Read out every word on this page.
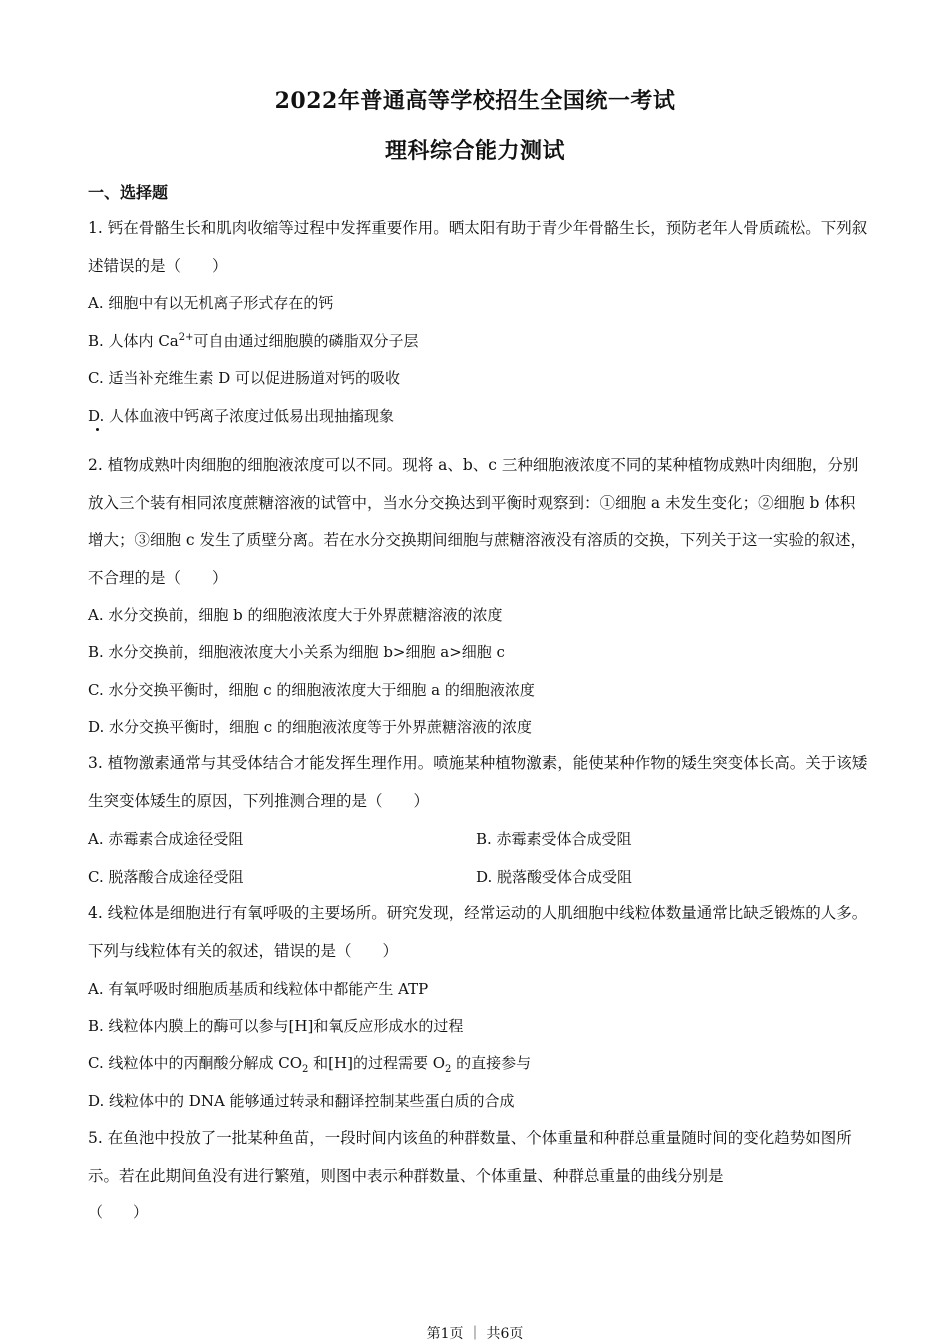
2022年普通高等学校招生全国统一考试
理科综合能力测试
一、选择题
1. 钙在骨骼生长和肌肉收缩等过程中发挥重要作用。晒太阳有助于青少年骨骼生长，预防老年人骨质疏松。下列叙述错误的是（　　）
A. 细胞中有以无机离子形式存在的钙
B. 人体内 $Ca^{2+}$可自由通过细胞膜的磷脂双分子层
C. 适当补充维生素 D 可以促进肠道对钙的吸收
D. 人体血液中钙离子浓度过低易出现抽搐现象
2. 植物成熟叶肉细胞的细胞液浓度可以不同。现将 a、b、c 三种细胞液浓度不同的某种植物成熟叶肉细胞，分别放入三个装有相同浓度蔗糖溶液的试管中，当水分交换达到平衡时观察到：①细胞 a 未发生变化；②细胞 b 体积增大；③细胞 c 发生了质壁分离。若在水分交换期间细胞与蔗糖溶液没有溶质的交换，下列关于这一实验的叙述，不合理的是（　　）
A. 水分交换前，细胞 b 的细胞液浓度大于外界蔗糖溶液的浓度
B. 水分交换前，细胞液浓度大小关系为细胞 b>细胞 a>细胞 c
C. 水分交换平衡时，细胞 c 的细胞液浓度大于细胞 a 的细胞液浓度
D. 水分交换平衡时，细胞 c 的细胞液浓度等于外界蔗糖溶液的浓度
3. 植物激素通常与其受体结合才能发挥生理作用。喷施某种植物激素，能使某种作物的矮生突变体长高。关于该矮生突变体矮生的原因，下列推测合理的是（　　）
A. 赤霉素合成途径受阻	B. 赤霉素受体合成受阻
C. 脱落酸合成途径受阻	D. 脱落酸受体合成受阻
4. 线粒体是细胞进行有氧呼吸的主要场所。研究发现，经常运动的人肌细胞中线粒体数量通常比缺乏锻炼的人多。下列与线粒体有关的叙述，错误的是（　　）
A. 有氧呼吸时细胞质基质和线粒体中都能产生 ATP
B. 线粒体内膜上的酶可以参与[H]和氧反应形成水的过程
C. 线粒体中的丙酮酸分解成 $CO_2$ 和[H]的过程需要 $O_2$ 的直接参与
D. 线粒体中的 DNA 能够通过转录和翻译控制某些蛋白质的合成
5. 在鱼池中投放了一批某种鱼苗，一段时间内该鱼的种群数量、个体重量和种群总重量随时间的变化趋势如图所示。若在此期间鱼没有进行繁殖，则图中表示种群数量、个体重量、种群总重量的曲线分别是
（　　）
第1页 ｜ 共6页
